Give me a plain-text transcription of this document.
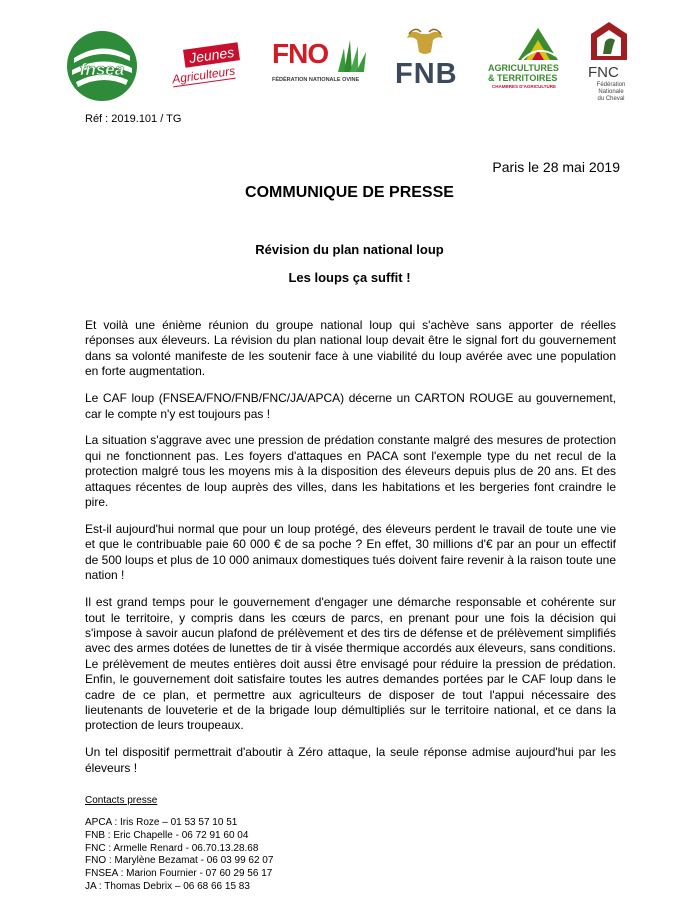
fnsea
Jeunes
Agriculteurs
FNO
FÉDÉRATION NATIONALE OVINE FNB	AGRICULTURES
& TERRITOIRES
CHAMBRES D'AGRICULTURE
FNC
Fédération
Nationale
du Cheval
Réf : 2019.101 / TG
Paris le 28 mai 2019
COMMUNIQUE DE PRESSE
Révision du plan national loup
Les loups ça suffit !

Et voilà une énième réunion du groupe national loup qui s'achève sans apporter de réelles réponses aux éleveurs. La révision du plan national loup devait être le signal fort du gouvernement dans sa volonté manifeste de les soutenir face à une viabilité du loup avérée avec une population en forte augmentation.

Le CAF loup (FNSEA/FNO/FNB/FNC/JA/APCA) décerne un CARTON ROUGE au gouvernement, car le compte n'y est toujours pas !

La situation s'aggrave avec une pression de prédation constante malgré des mesures de protection qui ne fonctionnent pas. Les foyers d'attaques en PACA sont l'exemple type du net recul de la protection malgré tous les moyens mis à la disposition des éleveurs depuis plus de 20 ans. Et des attaques récentes de loup auprès des villes, dans les habitations et les bergeries font craindre le pire.

Est-il aujourd'hui normal que pour un loup protégé, des éleveurs perdent le travail de toute une vie et que le contribuable paie 60 000 € de sa poche ? En effet, 30 millions d'€ par an pour un effectif de 500 loups et plus de 10 000 animaux domestiques tués doivent faire revenir à la raison toute une nation !

Il est grand temps pour le gouvernement d'engager une démarche responsable et cohérente sur tout le territoire, y compris dans les cœurs de parcs, en prenant pour une fois la décision qui s'impose à savoir aucun plafond de prélèvement et des tirs de défense et de prélèvement simplifiés avec des armes dotées de lunettes de tir à visée thermique accordés aux éleveurs, sans conditions. Le prélèvement de meutes entières doit aussi être envisagé pour réduire la pression de prédation. Enfin, le gouvernement doit satisfaire toutes les autres demandes portées par le CAF loup dans le cadre de ce plan, et permettre aux agriculteurs de disposer de tout l'appui nécessaire des lieutenants de louveterie et de la brigade loup démultipliés sur le territoire national, et ce dans la protection de leurs troupeaux.

Un tel dispositif permettrait d'aboutir à Zéro attaque, la seule réponse admise aujourd'hui par les éleveurs !

Contacts presse

APCA : Iris Roze – 01 53 57 10 51

FNB : Eric Chapelle - 06 72 91 60 04

FNC : Armelle Renard - 06.70.13.28.68

FNO : Marylène Bezamat - 06 03 99 62 07

FNSEA : Marion Fournier - 07 60 29 56 17

JA : Thomas Debrix – 06 68 66 15 83
